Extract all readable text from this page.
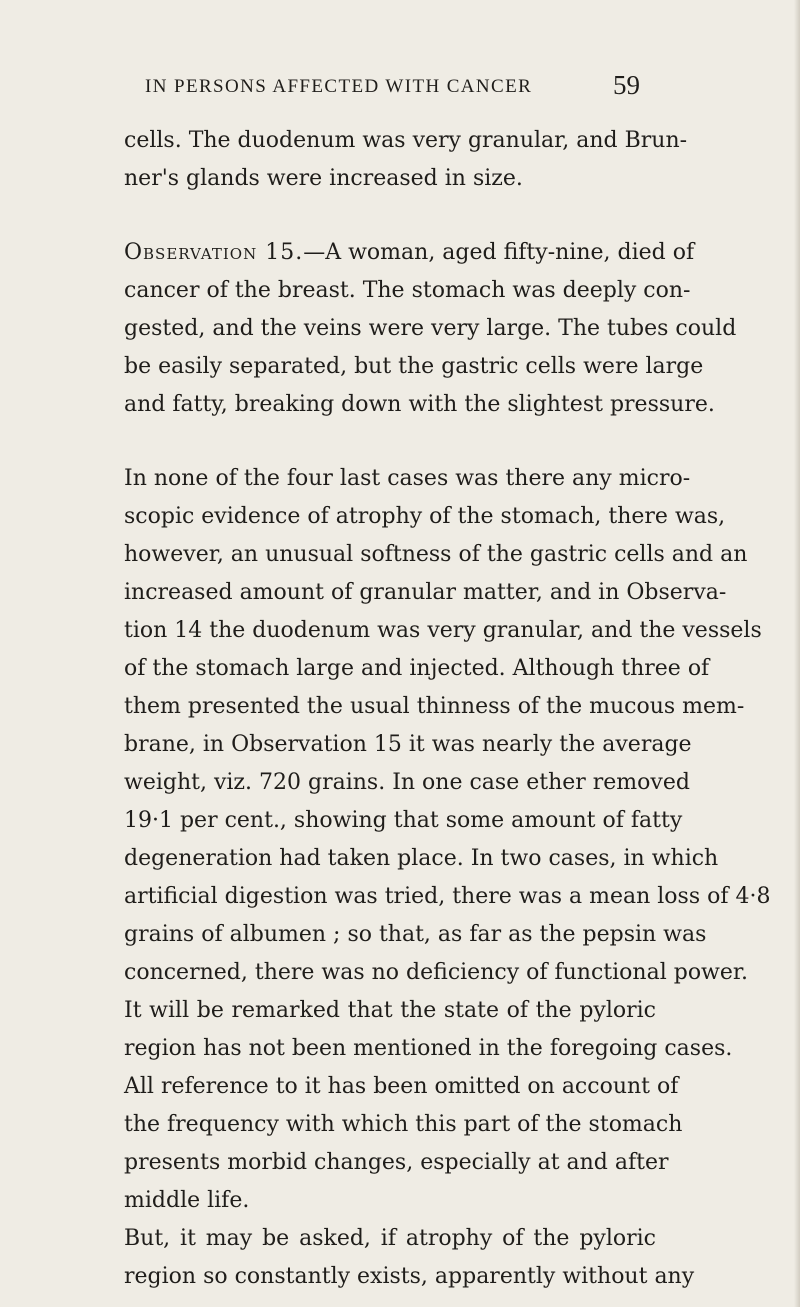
IN PERSONS AFFECTED WITH CANCER	59
cells. The duodenum was very granular, and Brun-
ner's glands were increased in size.
Observation 15.—A woman, aged fifty-nine, died of
cancer of the breast. The stomach was deeply con-
gested, and the veins were very large. The tubes could
be easily separated, but the gastric cells were large
and fatty, breaking down with the slightest pressure.
In none of the four last cases was there any micro-
scopic evidence of atrophy of the stomach, there was,
however, an unusual softness of the gastric cells and an
increased amount of granular matter, and in Observa-
tion 14 the duodenum was very granular, and the vessels
of the stomach large and injected. Although three of
them presented the usual thinness of the mucous mem-
brane, in Observation 15 it was nearly the average
weight, viz. 720 grains. In one case ether removed
19·1 per cent., showing that some amount of fatty
degeneration had taken place. In two cases, in which
artificial digestion was tried, there was a mean loss of 4·8
grains of albumen ; so that, as far as the pepsin was
concerned, there was no deficiency of functional power.
It will be remarked that the state of the pyloric
region has not been mentioned in the foregoing cases.
All reference to it has been omitted on account of
the frequency with which this part of the stomach
presents morbid changes, especially at and after
middle life.
But, it may be asked, if atrophy of the pyloric
region so constantly exists, apparently without any
